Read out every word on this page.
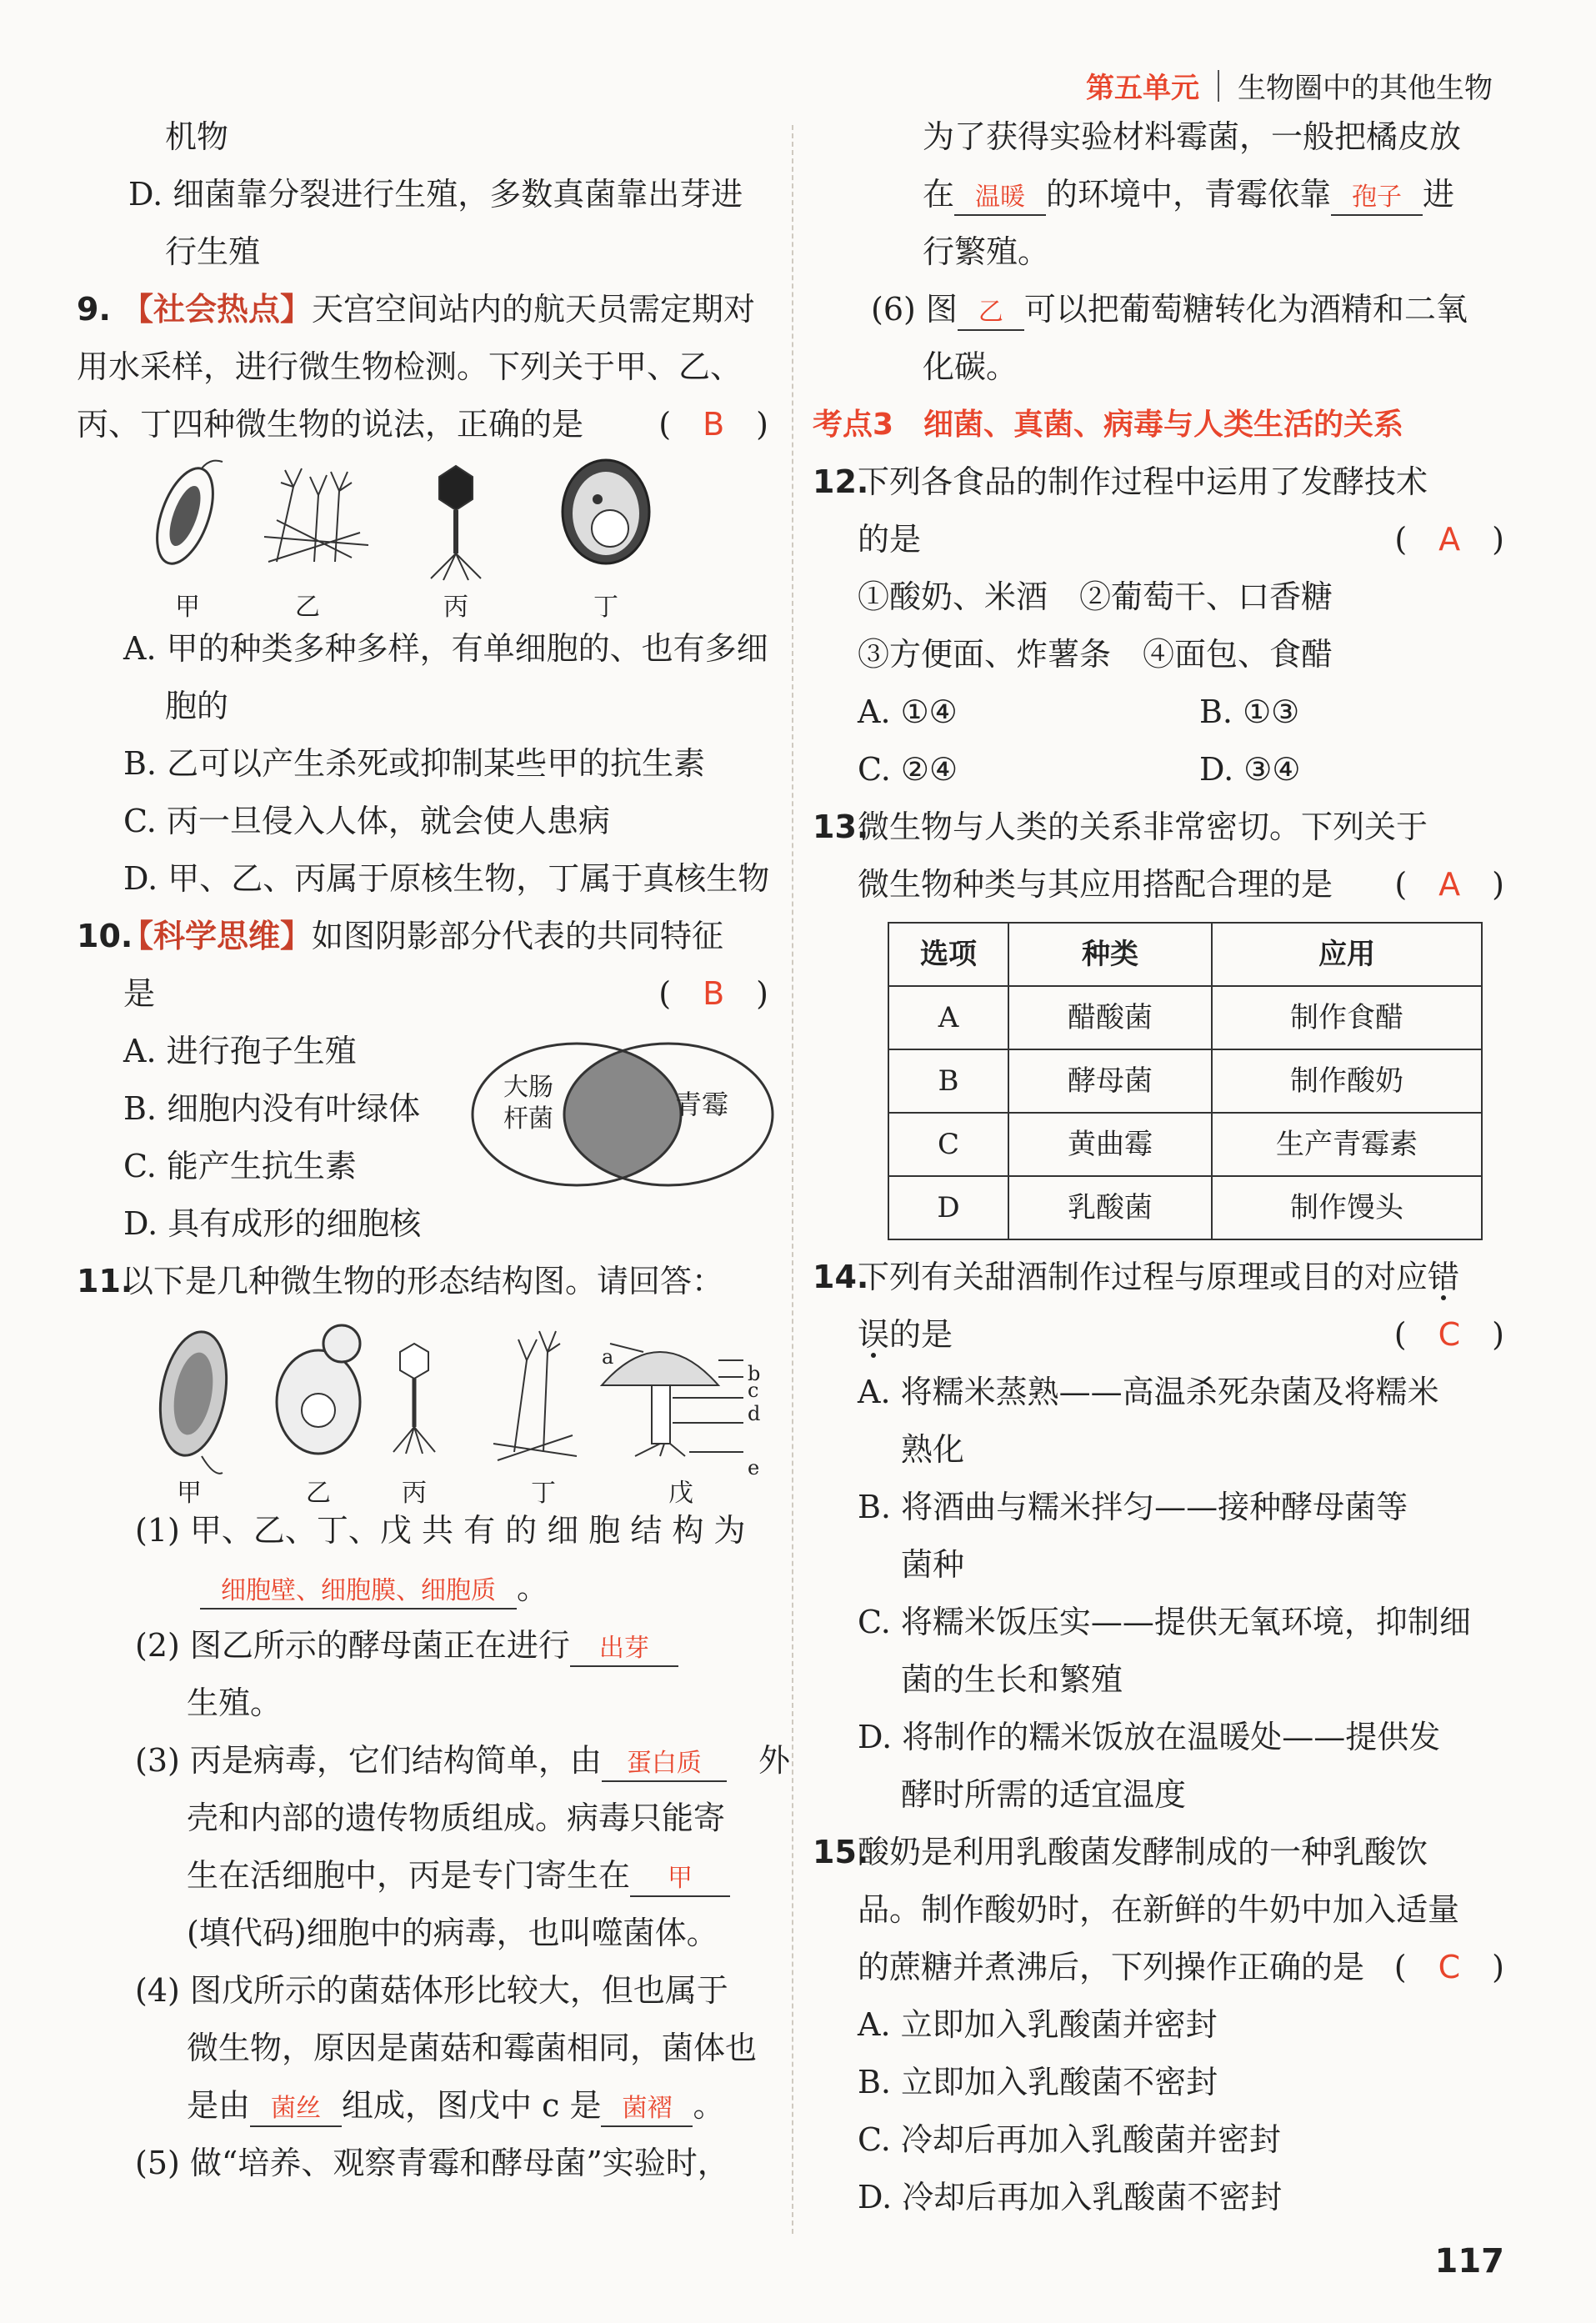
第五单元 生物圈中的其他生物
机物
D. 细菌靠分裂进行生殖，多数真菌靠出芽进
行生殖
9. 【社会热点】天宫空间站内的航天员需定期对
用水采样，进行微生物检测。下列关于甲、乙、
丙、丁四种微生物的说法，正确的是 (　B　)
甲	乙	丙	丁
A. 甲的种类多种多样，有单细胞的、也有多细
胞的
B. 乙可以产生杀死或抑制某些甲的抗生素
C. 丙一旦侵入人体，就会使人患病
D. 甲、乙、丙属于原核生物，丁属于真核生物
10.【科学思维】如图阴影部分代表的共同特征
是	(　B　)
A. 进行孢子生殖
B. 细胞内没有叶绿体
C. 能产生抗生素
D. 具有成形的细胞核
大肠
杆菌	青霉
11.以下是几种微生物的形态结构图。请回答：
a
b
c
d
e
甲	乙	丙	丁	戊
(1) 甲、乙、丁、戊 共 有 的 细 胞 结 构 为
细胞壁、细胞膜、细胞质 。
(2) 图乙所示的酵母菌正在进行 出芽
生殖。
(3) 丙是病毒，它们结构简单，由 蛋白质　 外
壳和内部的遗传物质组成。病毒只能寄
生在活细胞中，丙是专门寄生在 甲
(填代码)细胞中的病毒，也叫噬菌体。
(4) 图戊所示的菌菇体形比较大，但也属于
微生物，原因是菌菇和霉菌相同，菌体也
是由 菌丝 组成，图戊中 c 是 菌褶 。
(5) 做“培养、观察青霉和酵母菌”实验时，
为了获得实验材料霉菌，一般把橘皮放
在 温暖 的环境中，青霉依靠 孢子 进
行繁殖。
(6) 图 乙 可以把葡萄糖转化为酒精和二氧
化碳。
考点3　细菌、真菌、病毒与人类生活的关系
12.下列各食品的制作过程中运用了发酵技术
的是	(　A　)
①酸奶、米酒　②葡萄干、口香糖
③方便面、炸薯条　④面包、食醋
A. ①④	B. ①③
C. ②④	D. ③④
13.微生物与人类的关系非常密切。下列关于
微生物种类与其应用搭配合理的是 (　A　)
选项	种类	应用
A	醋酸菌	制作食醋
B	酵母菌	制作酸奶
C	黄曲霉	生产青霉素
D	乳酸菌	制作馒头
14.下列有关甜酒制作过程与原理或目的对应错
误的是	(　C　)
A. 将糯米蒸熟——高温杀死杂菌及将糯米
熟化
B. 将酒曲与糯米拌匀——接种酵母菌等
菌种
C. 将糯米饭压实——提供无氧环境，抑制细
菌的生长和繁殖
D. 将制作的糯米饭放在温暖处——提供发
酵时所需的适宜温度
15.酸奶是利用乳酸菌发酵制成的一种乳酸饮
品。制作酸奶时，在新鲜的牛奶中加入适量
的蔗糖并煮沸后，下列操作正确的是 (　C　)
A. 立即加入乳酸菌并密封
B. 立即加入乳酸菌不密封
C. 冷却后再加入乳酸菌并密封
D. 冷却后再加入乳酸菌不密封
117
